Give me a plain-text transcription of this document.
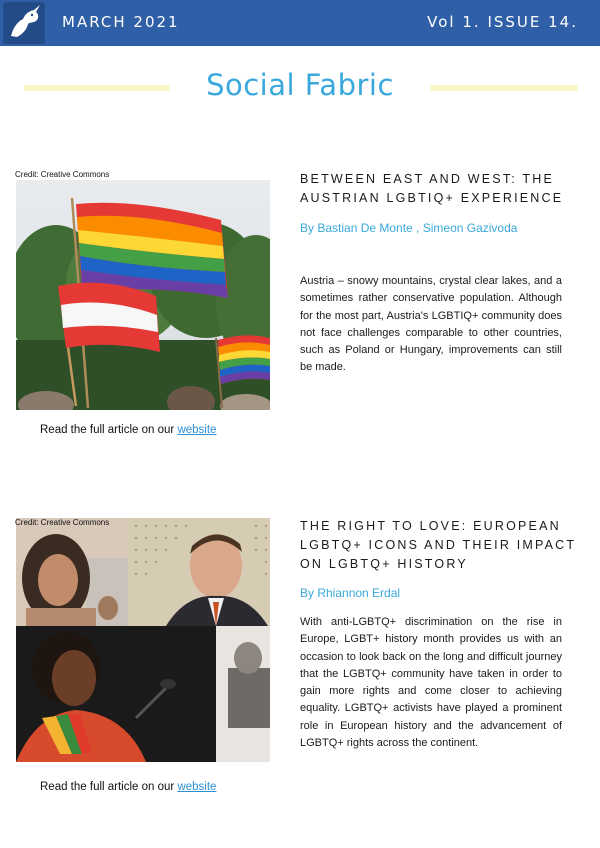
MARCH 2021	Vol 1. ISSUE 14.
Social Fabric
Credit: Creative Commons
Read the full article on our website
BETWEEN EAST AND WEST: THE AUSTRIAN LGBTIQ+ EXPERIENCE
By Bastian De Monte , Simeon Gazivoda
Austria – snowy mountains, crystal clear lakes, and a sometimes rather conservative population. Although for the most part, Austria's LGBTIQ+ community does not face challenges comparable to other countries, such as Poland or Hungary, improvements can still be made.
Credit: Creative Commons
Read the full article on our website
THE RIGHT TO LOVE: EUROPEAN LGBTQ+ ICONS AND THEIR IMPACT ON LGBTQ+ HISTORY
By Rhiannon Erdal
With anti-LGBTQ+ discrimination on the rise in Europe, LGBT+ history month provides us with an occasion to look back on the long and difficult journey that the LGBTQ+ community have taken in order to gain more rights and come closer to achieving equality. LGBTQ+ activists have played a prominent role in European history and the advancement of LGBTQ+ rights across the continent.
